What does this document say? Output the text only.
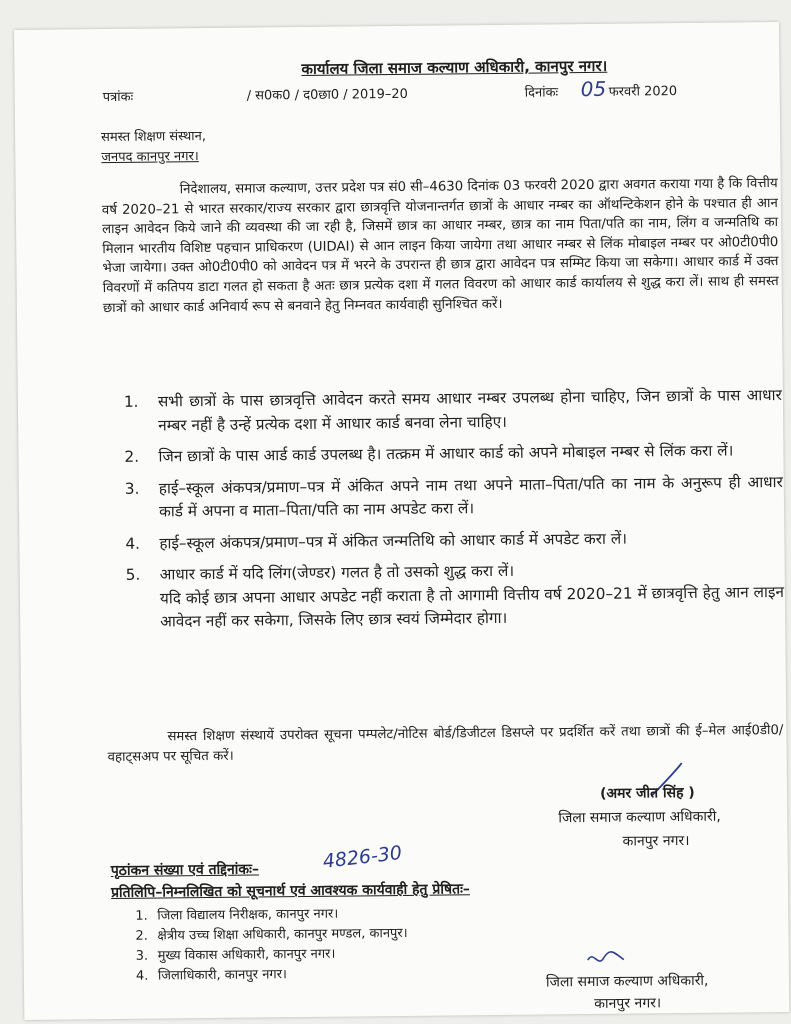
कार्यालय जिला समाज कल्याण अधिकारी, कानपुर नगर।
पत्रांकः	/ स0क0 / द0छा0 / 2019–20	दिनांकः 05 फरवरी 2020
समस्त शिक्षण संस्थान,
जनपद कानपुर नगर।

निदेशालय, समाज कल्याण, उत्तर प्रदेश पत्र सं0 सी–4630 दिनांक 03 फरवरी 2020 द्वारा अवगत कराया गया है कि वित्तीय वर्ष 2020–21 से भारत सरकार/राज्य सरकार द्वारा छात्रवृत्ति योजनान्तर्गत छात्रों के आधार नम्बर का ऑथन्टिकेशन होने के पश्चात ही आन लाइन आवेदन किये जाने की व्यवस्था की जा रही है, जिसमें छात्र का आधार नम्बर, छात्र का नाम पिता/पति का नाम, लिंग व जन्मतिथि का मिलान भारतीय विशिष्ट पहचान प्राधिकरण (UIDAI) से आन लाइन किया जायेगा तथा आधार नम्बर से लिंक मोबाइल नम्बर पर ओ0टी0पी0 भेजा जायेगा। उक्त ओ0टी0पी0 को आवेदन पत्र में भरने के उपरान्त ही छात्र द्वारा आवेदन पत्र सम्मिट किया जा सकेगा। आधार कार्ड में उक्त विवरणों में कतिपय डाटा गलत हो सकता है अतः छात्र प्रत्येक दशा में गलत विवरण को आधार कार्ड कार्यालय से शुद्ध करा लें। साथ ही समस्त छात्रों को आधार कार्ड अनिवार्य रूप से बनवाने हेतु निम्नवत कार्यवाही सुनिश्चित करें।

1.	सभी छात्रों के पास छात्रवृत्ति आवेदन करते समय आधार नम्बर उपलब्ध होना चाहिए, जिन छात्रों के पास आधार नम्बर नहीं है उन्हें प्रत्येक दशा में आधार कार्ड बनवा लेना चाहिए।
2.	जिन छात्रों के पास आर्ड कार्ड उपलब्ध है। तत्क्रम में आधार कार्ड को अपने मोबाइल नम्बर से लिंक करा लें।
3.	हाई–स्कूल अंकपत्र/प्रमाण–पत्र में अंकित अपने नाम तथा अपने माता–पिता/पति का नाम के अनुरूप ही आधार कार्ड में अपना व माता–पिता/पति का नाम अपडेट करा लें।
4.	हाई–स्कूल अंकपत्र/प्रमाण–पत्र में अंकित जन्मतिथि को आधार कार्ड में अपडेट करा लें।
5.	आधार कार्ड में यदि लिंग(जेण्डर) गलत है तो उसको शुद्ध करा लें।
यदि कोई छात्र अपना आधार अपडेट नहीं कराता है तो आगामी वित्तीय वर्ष 2020–21 में छात्रवृत्ति हेतु आन लाइन आवेदन नहीं कर सकेगा, जिसके लिए छात्र स्वयं जिम्मेदार होगा।

समस्त शिक्षण संस्थायें उपरोक्त सूचना पम्पलेट/नोटिस बोर्ड/डिजीटल डिसप्ले पर प्रदर्शित करें तथा छात्रों की ई–मेल आई0डी0/वहाट्सअप पर सूचित करें।

(अमर जीत सिंह )
जिला समाज कल्याण अधिकारी,
कानपुर नगर।
पृठांकन संख्या एवं तद्दिनांकः–	4826-30
प्रतिलिपि–निम्नलिखित को सूचनार्थ एवं आवश्यक कार्यवाही हेतु प्रेषितः–
1. जिला विद्यालय निरीक्षक, कानपुर नगर।
2. क्षेत्रीय उच्च शिक्षा अधिकारी, कानपुर मण्डल, कानपुर।
3. मुख्य विकास अधिकारी, कानपुर नगर।
4. जिलाधिकारी, कानपुर नगर।	जिला समाज कल्याण अधिकारी,
कानपुर नगर।
